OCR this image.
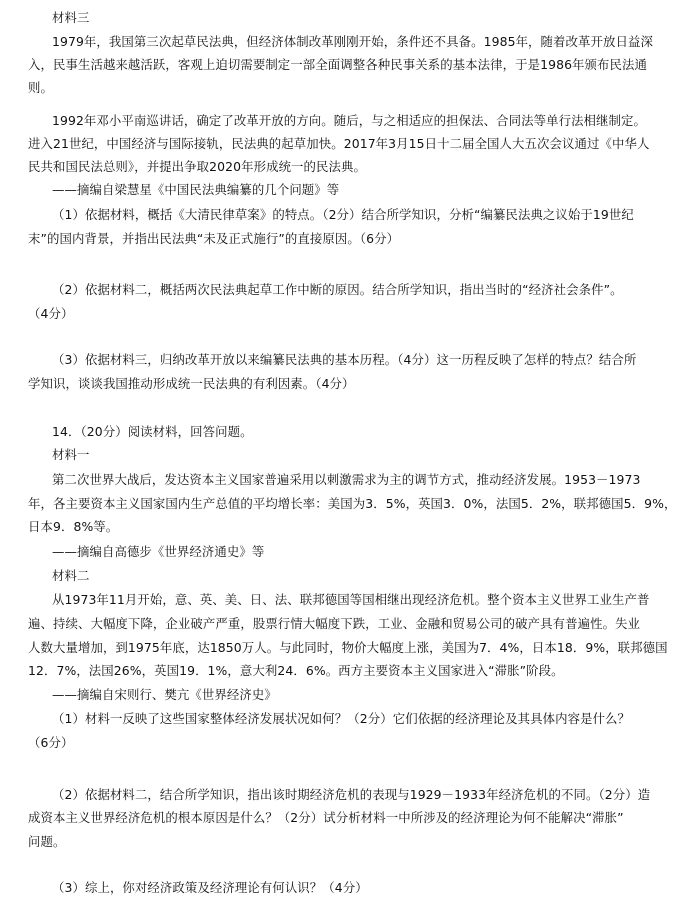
材料三
1979年，我国第三次起草民法典，但经济体制改革刚刚开始，条件还不具备。1985年，随着改革开放日益深
入，民事生活越来越活跃，客观上迫切需要制定一部全面调整各种民事关系的基本法律，于是1986年颁布民法通
则。
1992年邓小平南巡讲话，确定了改革开放的方向。随后，与之相适应的担保法、合同法等单行法相继制定。
进入21世纪，中国经济与国际接轨，民法典的起草加快。2017年3月15日十二届全国人大五次会议通过《中华人
民共和国民法总则》，并提出争取2020年形成统一的民法典。
——摘编自梁慧星《中国民法典编纂的几个问题》等
（1）依据材料，概括《大清民律草案》的特点。（2分）结合所学知识，分析“编纂民法典之议始于19世纪
末”的国内背景，并指出民法典“未及正式施行”的直接原因。（6分）
（2）依据材料二，概括两次民法典起草工作中断的原因。结合所学知识，指出当时的“经济社会条件”。
（4分）
（3）依据材料三，归纳改革开放以来编纂民法典的基本历程。（4分）这一历程反映了怎样的特点？结合所
学知识，谈谈我国推动形成统一民法典的有利因素。（4分）
14．（20分）阅读材料，回答问题。
材料一
第二次世界大战后，发达资本主义国家普遍采用以刺激需求为主的调节方式，推动经济发展。1953－1973
年，各主要资本主义国家国内生产总值的平均增长率：美国为3．5%，英国3．0%，法国5．2%，联邦德国5．9%，
日本9．8%等。
——摘编自高德步《世界经济通史》等
材料二
从1973年11月开始，意、英、美、日、法、联邦德国等国相继出现经济危机。整个资本主义世界工业生产普
遍、持续、大幅度下降，企业破产严重，股票行情大幅度下跌，工业、金融和贸易公司的破产具有普遍性。失业
人数大量增加，到1975年底，达1850万人。与此同时，物价大幅度上涨，美国为7．4%，日本18．9%，联邦德国
12．7%，法国26%，英国19．1%，意大利24．6%。西方主要资本主义国家进入“滞胀”阶段。
——摘编自宋则行、樊亢《世界经济史》
（1）材料一反映了这些国家整体经济发展状况如何？（2分）它们依据的经济理论及其具体内容是什么？
（6分）
（2）依据材料二，结合所学知识，指出该时期经济危机的表现与1929－1933年经济危机的不同。（2分）造
成资本主义世界经济危机的根本原因是什么？（2分）试分析材料一中所涉及的经济理论为何不能解决“滞胀”
问题。
（3）综上，你对经济政策及经济理论有何认识？（4分）
